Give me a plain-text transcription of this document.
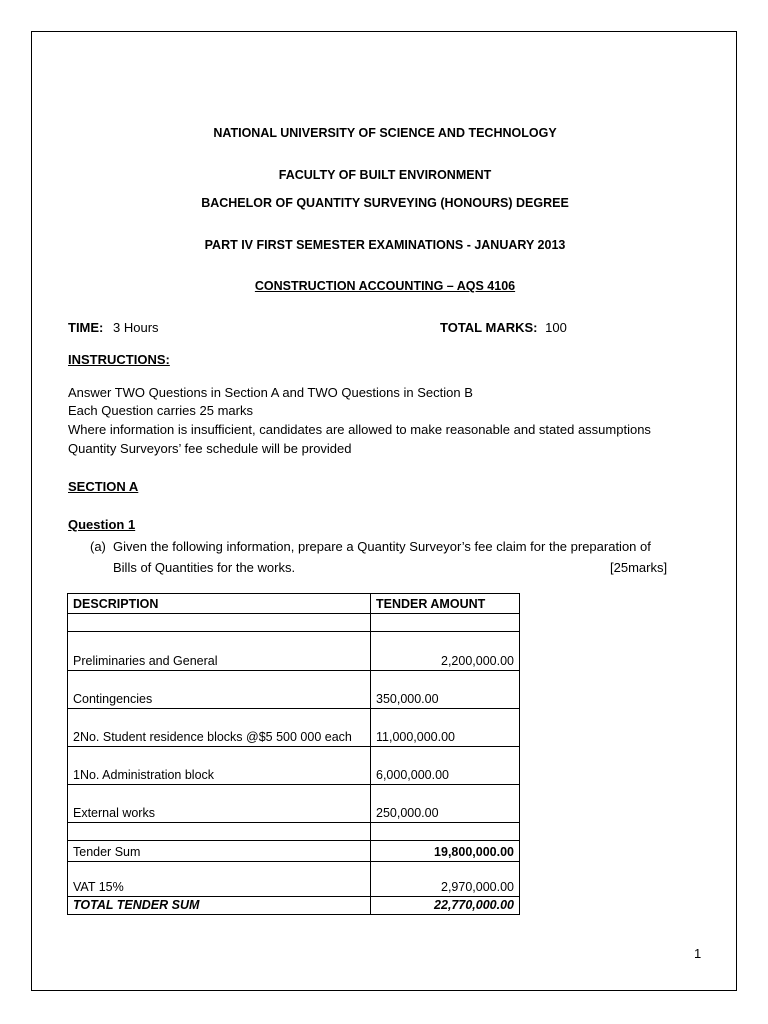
NATIONAL UNIVERSITY OF SCIENCE AND TECHNOLOGY
FACULTY OF BUILT ENVIRONMENT
BACHELOR OF QUANTITY SURVEYING (HONOURS) DEGREE
PART IV FIRST SEMESTER EXAMINATIONS - JANUARY 2013
CONSTRUCTION ACCOUNTING – AQS 4106
TIME: 3 Hours	TOTAL MARKS: 100
INSTRUCTIONS:
Answer TWO Questions in Section A and TWO Questions in Section B
Each Question carries 25 marks
Where information is insufficient, candidates are allowed to make reasonable and stated assumptions
Quantity Surveyors’ fee schedule will be provided
SECTION A
Question 1
(a) Given the following information, prepare a Quantity Surveyor’s fee claim for the preparation of
Bills of Quantities for the works.	[25marks]
DESCRIPTION	TENDER AMOUNT

Preliminaries and General	2,200,000.00
Contingencies	350,000.00
2No. Student residence blocks @$5 500 000 each	11,000,000.00
1No. Administration block	6,000,000.00
External works	250,000.00

Tender Sum	19,800,000.00
VAT 15%	2,970,000.00
TOTAL TENDER SUM	22,770,000.00
1
